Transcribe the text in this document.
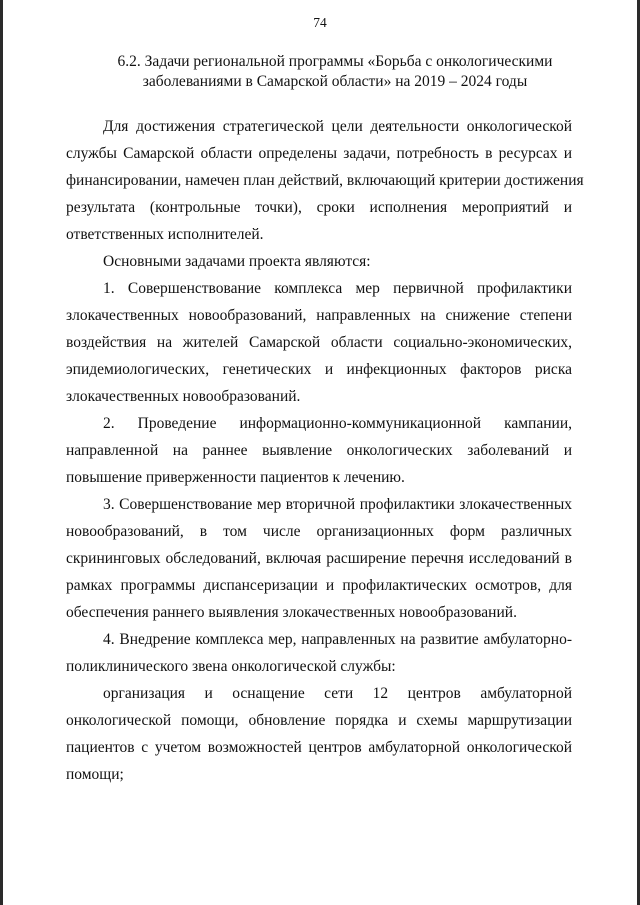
74
6.2. Задачи региональной программы «Борьба с онкологическими
заболеваниями в Самарской области» на 2019 – 2024 годы
Для достижения стратегической цели деятельности онкологической
службы Самарской области определены задачи, потребность в ресурсах и
финансировании, намечен план действий, включающий критерии достижения
результата (контрольные точки), сроки исполнения мероприятий и
ответственных исполнителей.
Основными задачами проекта являются:
1. Совершенствование комплекса мер первичной профилактики
злокачественных новообразований, направленных на снижение степени
воздействия на жителей Самарской области социально-экономических,
эпидемиологических, генетических и инфекционных факторов риска
злокачественных новообразований.
2. Проведение информационно-коммуникационной кампании,
направленной на раннее выявление онкологических заболеваний и
повышение приверженности пациентов к лечению.
3. Совершенствование мер вторичной профилактики злокачественных
новообразований, в том числе организационных форм различных
скрининговых обследований, включая расширение перечня исследований в
рамках программы диспансеризации и профилактических осмотров, для
обеспечения раннего выявления злокачественных новообразований.
4. Внедрение комплекса мер, направленных на развитие амбулаторно-
поликлинического звена онкологической службы:
организация и оснащение сети 12 центров амбулаторной
онкологической помощи, обновление порядка и схемы маршрутизации
пациентов с учетом возможностей центров амбулаторной онкологической
помощи;
